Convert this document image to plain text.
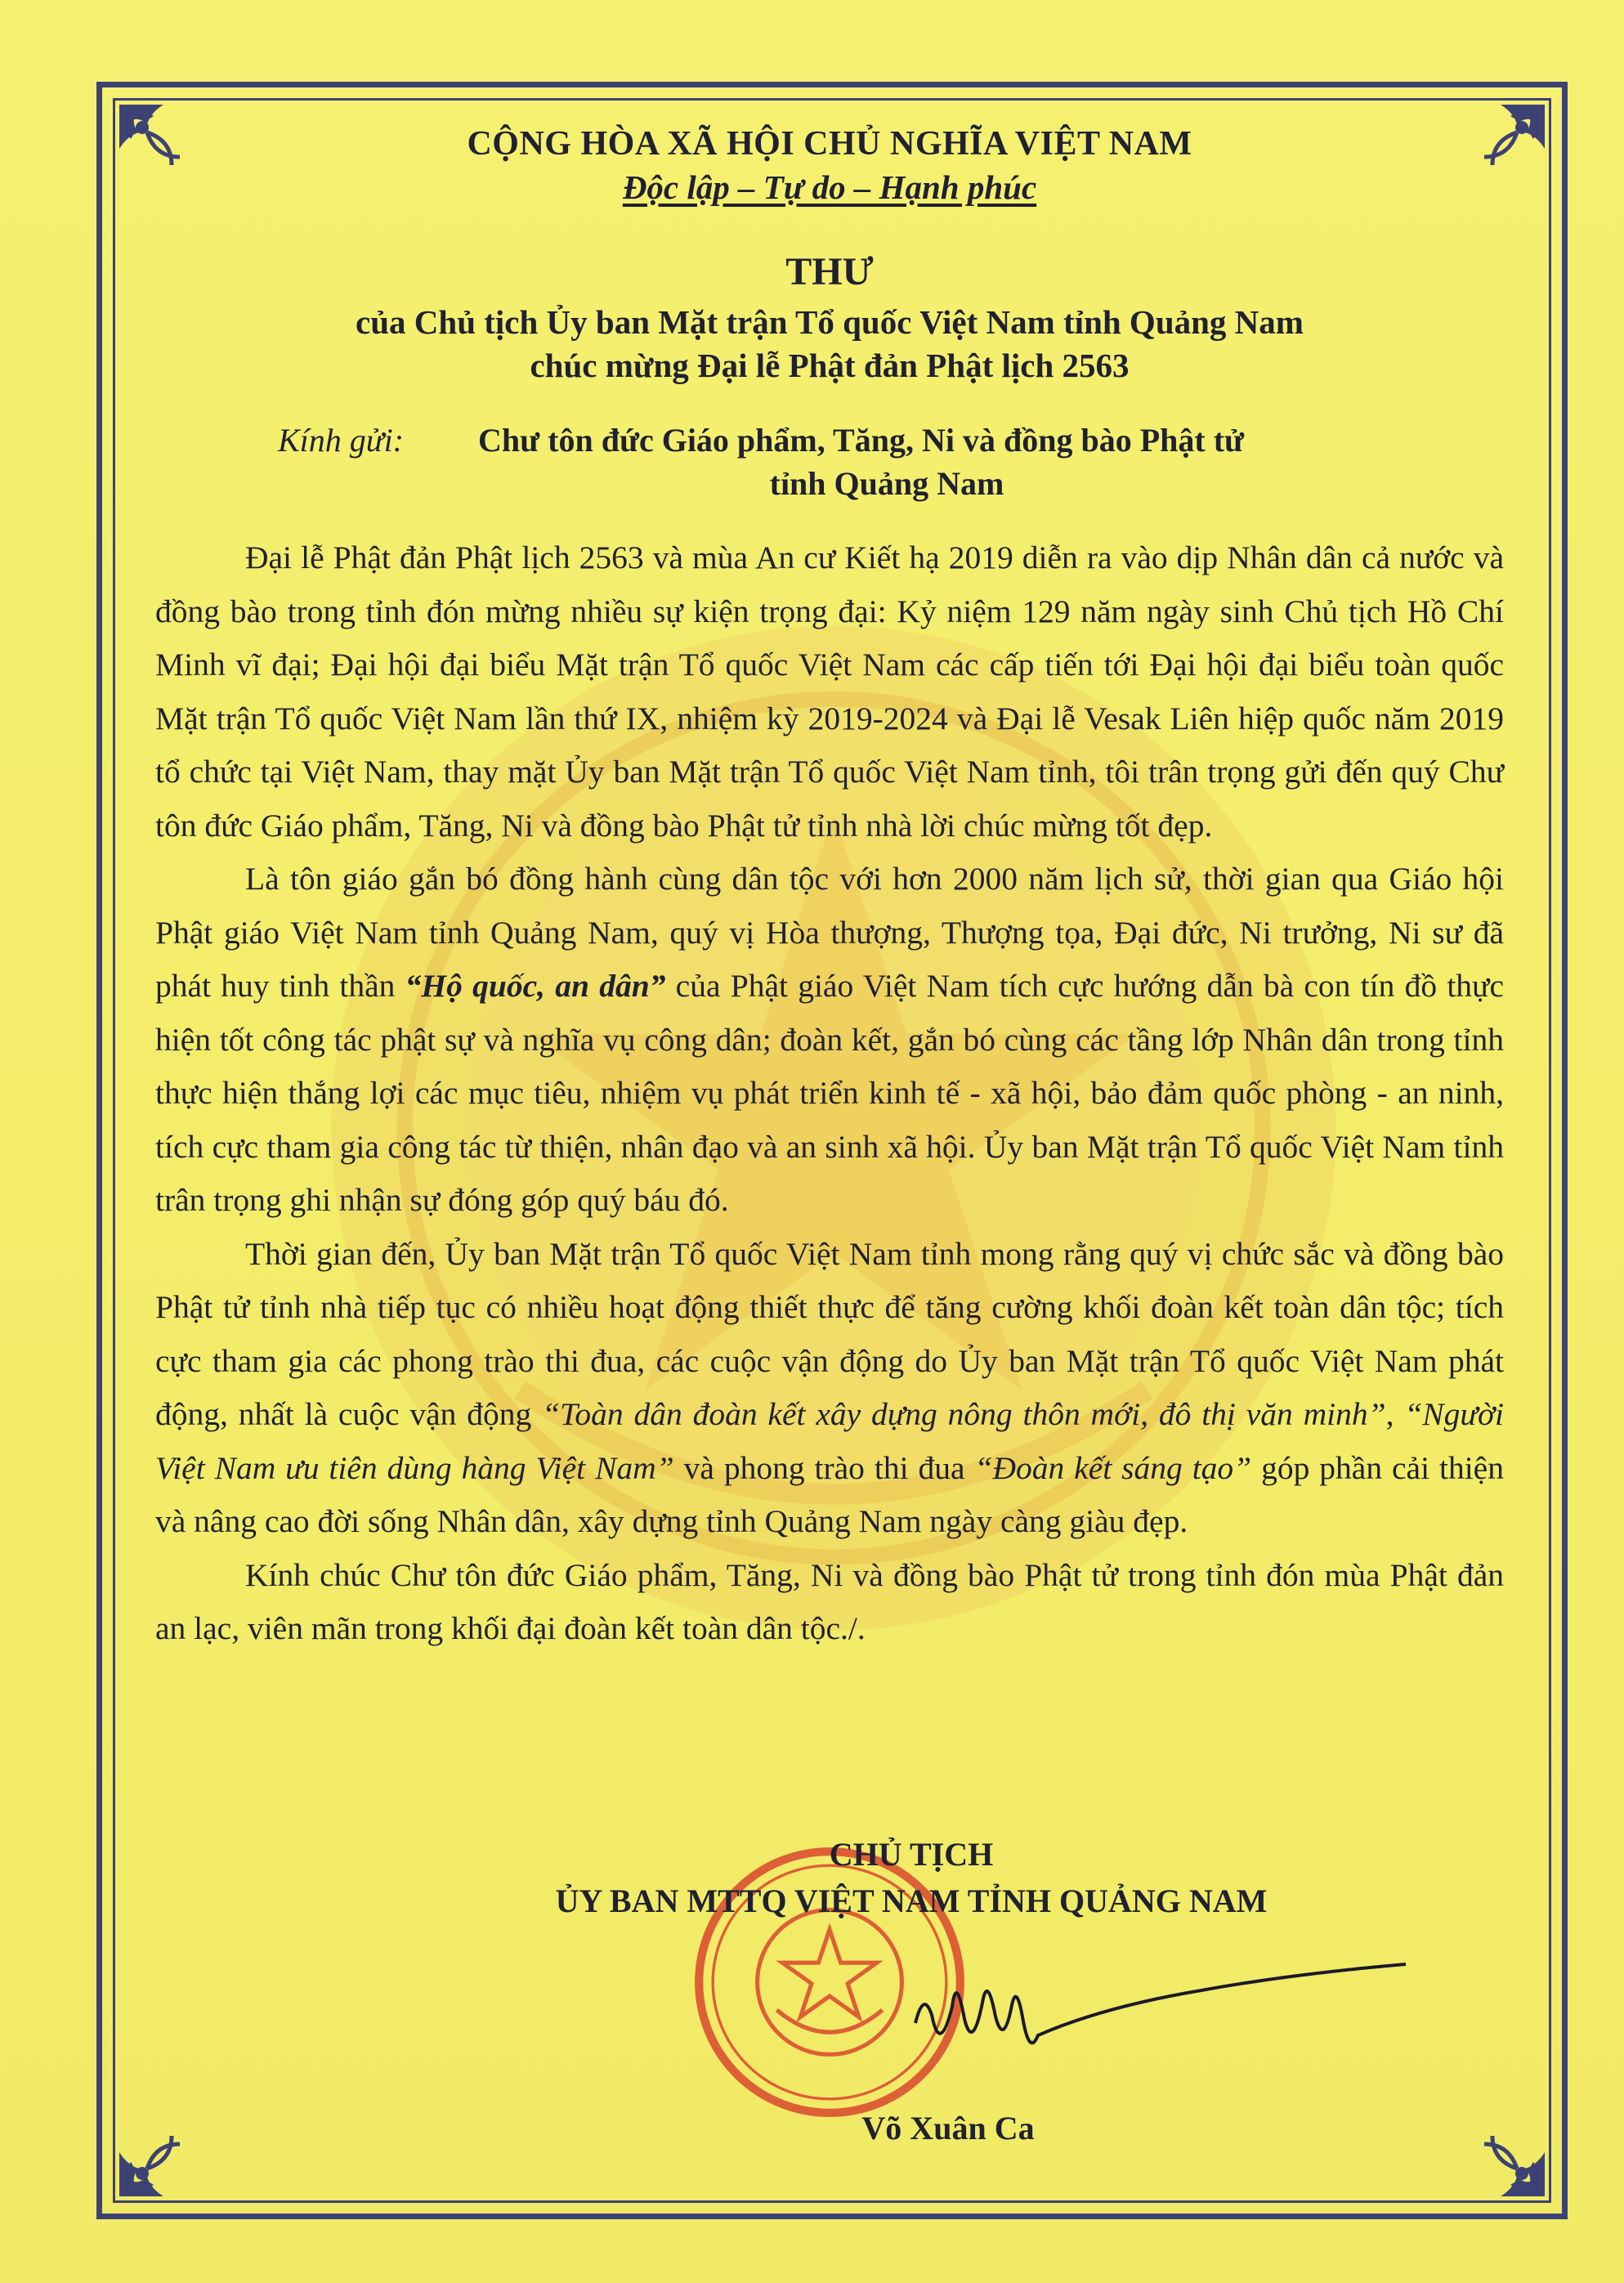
CỘNG HÒA XÃ HỘI CHỦ NGHĨA VIỆT NAM
Độc lập – Tự do – Hạnh phúc
THƯ
của Chủ tịch Ủy ban Mặt trận Tổ quốc Việt Nam tỉnh Quảng Nam
chúc mừng Đại lễ Phật đản Phật lịch 2563
Kính gửi: Chư tôn đức Giáo phẩm, Tăng, Ni và đồng bào Phật tử
tỉnh Quảng Nam

Đại lễ Phật đản Phật lịch 2563 và mùa An cư Kiết hạ 2019 diễn ra vào dịp Nhân dân cả nước và đồng bào trong tỉnh đón mừng nhiều sự kiện trọng đại: Kỷ niệm 129 năm ngày sinh Chủ tịch Hồ Chí Minh vĩ đại; Đại hội đại biểu Mặt trận Tổ quốc Việt Nam các cấp tiến tới Đại hội đại biểu toàn quốc Mặt trận Tổ quốc Việt Nam lần thứ IX, nhiệm kỳ 2019-2024 và Đại lễ Vesak Liên hiệp quốc năm 2019 tổ chức tại Việt Nam, thay mặt Ủy ban Mặt trận Tổ quốc Việt Nam tỉnh, tôi trân trọng gửi đến quý Chư tôn đức Giáo phẩm, Tăng, Ni và đồng bào Phật tử tỉnh nhà lời chúc mừng tốt đẹp.

Là tôn giáo gắn bó đồng hành cùng dân tộc với hơn 2000 năm lịch sử, thời gian qua Giáo hội Phật giáo Việt Nam tỉnh Quảng Nam, quý vị Hòa thượng, Thượng tọa, Đại đức, Ni trưởng, Ni sư đã phát huy tinh thần “Hộ quốc, an dân” của Phật giáo Việt Nam tích cực hướng dẫn bà con tín đồ thực hiện tốt công tác phật sự và nghĩa vụ công dân; đoàn kết, gắn bó cùng các tầng lớp Nhân dân trong tỉnh thực hiện thắng lợi các mục tiêu, nhiệm vụ phát triển kinh tế - xã hội, bảo đảm quốc phòng - an ninh, tích cực tham gia công tác từ thiện, nhân đạo và an sinh xã hội. Ủy ban Mặt trận Tổ quốc Việt Nam tỉnh trân trọng ghi nhận sự đóng góp quý báu đó.

Thời gian đến, Ủy ban Mặt trận Tổ quốc Việt Nam tỉnh mong rằng quý vị chức sắc và đồng bào Phật tử tỉnh nhà tiếp tục có nhiều hoạt động thiết thực để tăng cường khối đoàn kết toàn dân tộc; tích cực tham gia các phong trào thi đua, các cuộc vận động do Ủy ban Mặt trận Tổ quốc Việt Nam phát động, nhất là cuộc vận động “Toàn dân đoàn kết xây dựng nông thôn mới, đô thị văn minh”, “Người Việt Nam ưu tiên dùng hàng Việt Nam” và phong trào thi đua “Đoàn kết sáng tạo” góp phần cải thiện và nâng cao đời sống Nhân dân, xây dựng tỉnh Quảng Nam ngày càng giàu đẹp.

Kính chúc Chư tôn đức Giáo phẩm, Tăng, Ni và đồng bào Phật tử trong tỉnh đón mùa Phật đản an lạc, viên mãn trong khối đại đoàn kết toàn dân tộc./.

CHỦ TỊCH
ỦY BAN MTTQ VIỆT NAM TỈNH QUẢNG NAM
Võ Xuân Ca
